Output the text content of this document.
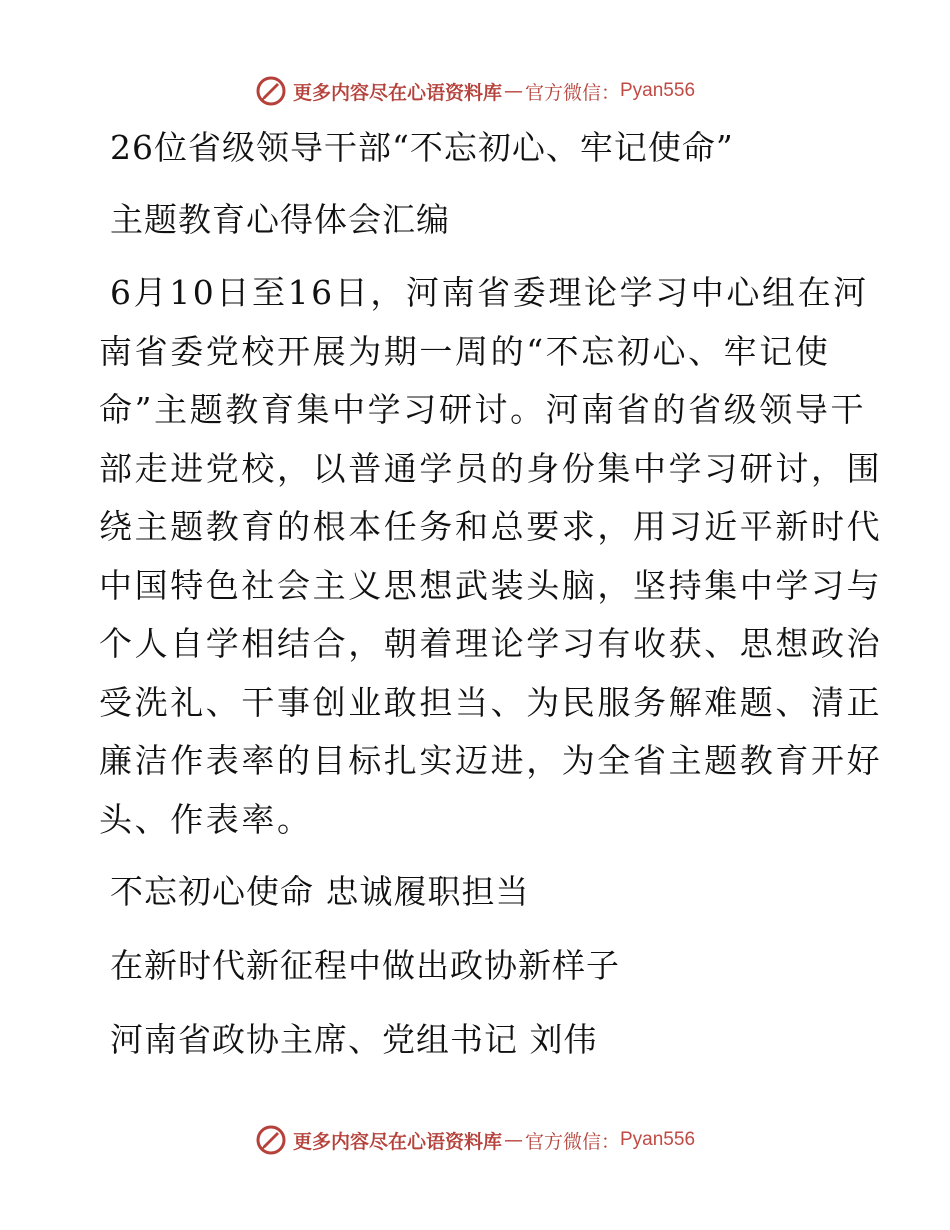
更多内容尽在心语资料库 — 官方微信： Pyan556
26位省级领导干部“不忘初心、牢记使命”
主题教育心得体会汇编
6月10日至16日，河南省委理论学习中心组在河
南省委党校开展为期一周的“不忘初心、牢记使
命”主题教育集中学习研讨。河南省的省级领导干
部走进党校，以普通学员的身份集中学习研讨，围
绕主题教育的根本任务和总要求，用习近平新时代
中国特色社会主义思想武装头脑，坚持集中学习与
个人自学相结合，朝着理论学习有收获、思想政治
受洗礼、干事创业敢担当、为民服务解难题、清正
廉洁作表率的目标扎实迈进，为全省主题教育开好
头、作表率。
不忘初心使命 忠诚履职担当
在新时代新征程中做出政协新样子
河南省政协主席、党组书记 刘伟
更多内容尽在心语资料库 — 官方微信： Pyan556
